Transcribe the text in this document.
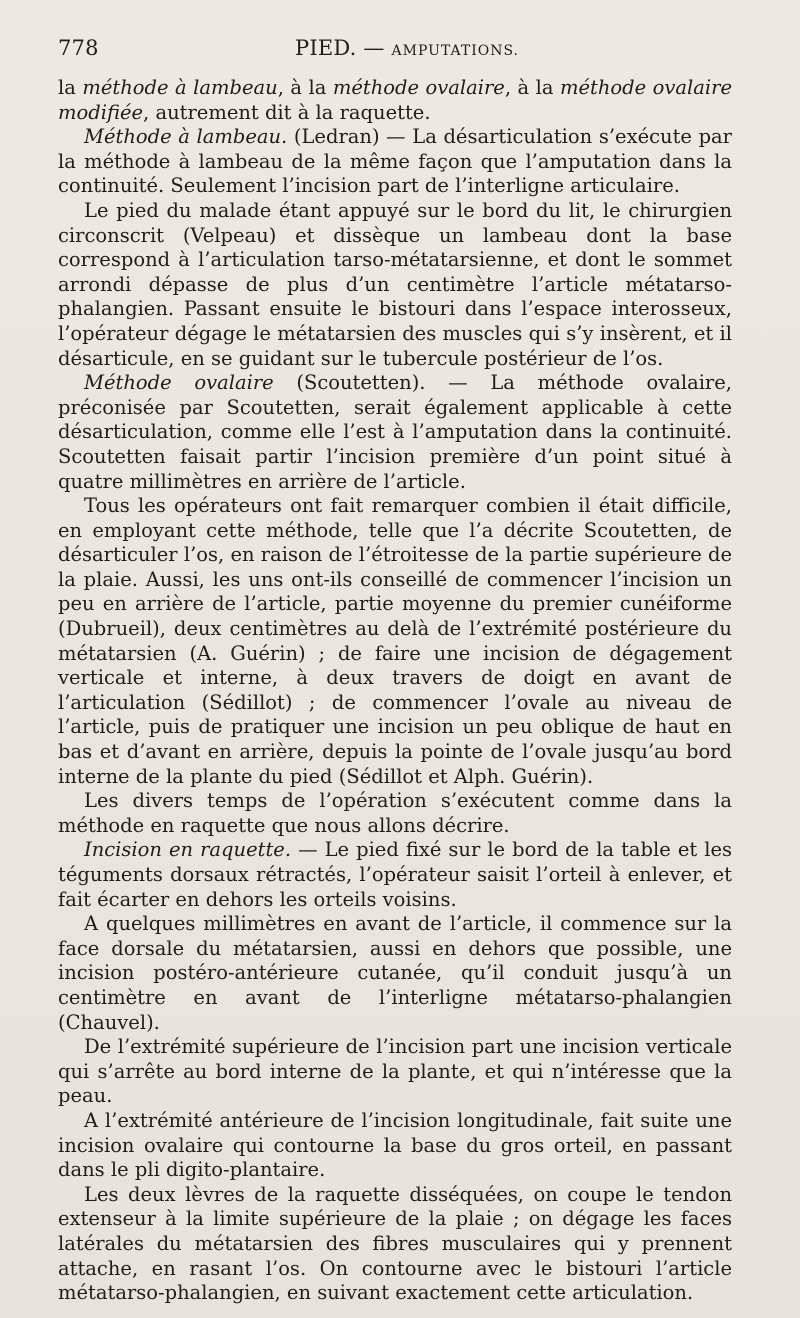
778	PIED. — AMPUTATIONS.

la méthode à lambeau, à la méthode ovalaire, à la méthode ovalaire modifiée, autrement dit à la raquette.

Méthode à lambeau. (Ledran) — La désarticulation s’exécute par la méthode à lambeau de la même façon que l’amputation dans la continuité. Seulement l’incision part de l’interligne articulaire.

Le pied du malade étant appuyé sur le bord du lit, le chirurgien circonscrit (Velpeau) et dissèque un lambeau dont la base correspond à l’articulation tarso-métatarsienne, et dont le sommet arrondi dépasse de plus d’un centimètre l’article métatarso-phalangien. Passant ensuite le bistouri dans l’espace interosseux, l’opérateur dégage le métatarsien des muscles qui s’y insèrent, et il désarticule, en se guidant sur le tubercule postérieur de l’os.

Méthode ovalaire (Scoutetten). — La méthode ovalaire, préconisée par Scoutetten, serait également applicable à cette désarticulation, comme elle l’est à l’amputation dans la continuité. Scoutetten faisait partir l’incision première d’un point situé à quatre millimètres en arrière de l’article.

Tous les opérateurs ont fait remarquer combien il était difficile, en employant cette méthode, telle que l’a décrite Scoutetten, de désarticuler l’os, en raison de l’étroitesse de la partie supérieure de la plaie. Aussi, les uns ont-ils conseillé de commencer l’incision un peu en arrière de l’article, partie moyenne du premier cunéiforme (Dubrueil), deux centimètres au delà de l’extrémité postérieure du métatarsien (A. Guérin) ; de faire une incision de dégagement verticale et interne, à deux travers de doigt en avant de l’articulation (Sédillot) ; de commencer l’ovale au niveau de l’article, puis de pratiquer une incision un peu oblique de haut en bas et d’avant en arrière, depuis la pointe de l’ovale jusqu’au bord interne de la plante du pied (Sédillot et Alph. Guérin).

Les divers temps de l’opération s’exécutent comme dans la méthode en raquette que nous allons décrire.

Incision en raquette. — Le pied fixé sur le bord de la table et les téguments dorsaux rétractés, l’opérateur saisit l’orteil à enlever, et fait écarter en dehors les orteils voisins.

A quelques millimètres en avant de l’article, il commence sur la face dorsale du métatarsien, aussi en dehors que possible, une incision postéro-antérieure cutanée, qu’il conduit jusqu’à un centimètre en avant de l’interligne métatarso-phalangien (Chauvel).

De l’extrémité supérieure de l’incision part une incision verticale qui s’arrête au bord interne de la plante, et qui n’intéresse que la peau.

A l’extrémité antérieure de l’incision longitudinale, fait suite une incision ovalaire qui contourne la base du gros orteil, en passant dans le pli digito-plantaire.

Les deux lèvres de la raquette disséquées, on coupe le tendon extenseur à la limite supérieure de la plaie ; on dégage les faces latérales du métatarsien des fibres musculaires qui y prennent attache, en rasant l’os. On contourne avec le bistouri l’article métatarso-phalangien, en suivant exactement cette articulation.
